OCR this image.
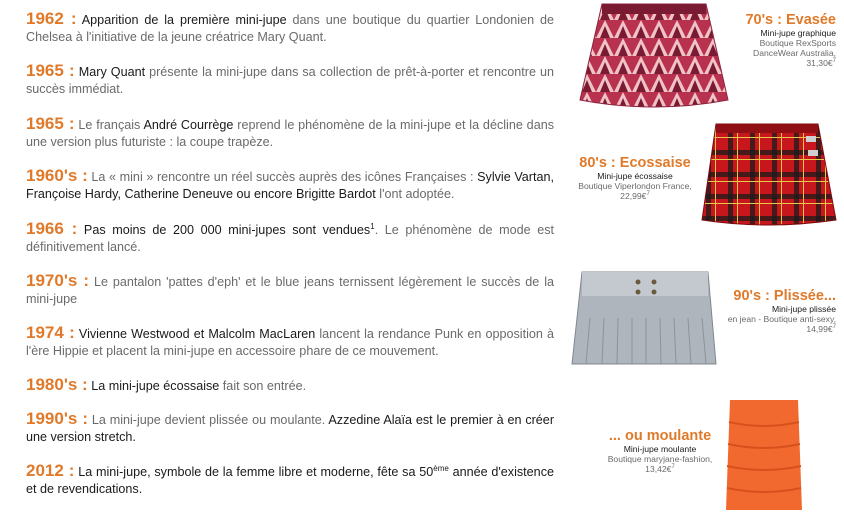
1962 : Apparition de la première mini-jupe dans une boutique du quartier Londonien de Chelsea à l'initiative de la jeune créatrice Mary Quant.
1965 : Mary Quant présente la mini-jupe dans sa collection de prêt-à-porter et rencontre un succès immédiat.
1965 : Le français André Courrège reprend le phénomène de la mini-jupe et la décline dans une version plus futuriste : la coupe trapèze.
1960's : La « mini » rencontre un réel succès auprès des icônes Françaises : Sylvie Vartan, Françoise Hardy, Catherine Deneuve ou encore Brigitte Bardot l'ont adoptée.
1966 : Pas moins de 200 000 mini-jupes sont vendues$^1$. Le phénomène de mode est définitivement lancé.
1970's : Le pantalon 'pattes d'eph' et le blue jeans ternissent légèrement le succès de la mini-jupe
1974 : Vivienne Westwood et Malcolm MacLaren lancent la rendance Punk en opposition à l'ère Hippie et placent la mini-jupe en accessoire phare de ce mouvement.
1980's : La mini-jupe écossaise fait son entrée.
1990's : La mini-jupe devient plissée ou moulante. Azzedine Alaïa est le premier à en créer une version stretch.
2012 : La mini-jupe, symbole de la femme libre et moderne, fête sa 50ème année d'existence et de revendications.
70's : Evasée
Mini-jupe graphique
Boutique RexSports DanceWear Australia,
31,30€$^7$
80's : Ecossaise
Mini-jupe écossaise
Boutique Viperlondon France,
22,99€$^7$
90's : Plissée...
Mini-jupe plissée
en jean - Boutique anti-sexy,
14,99€$^7$
... ou moulante
Mini-jupe moulante
Boutique maryjane-fashion,
13,42€$^7$
